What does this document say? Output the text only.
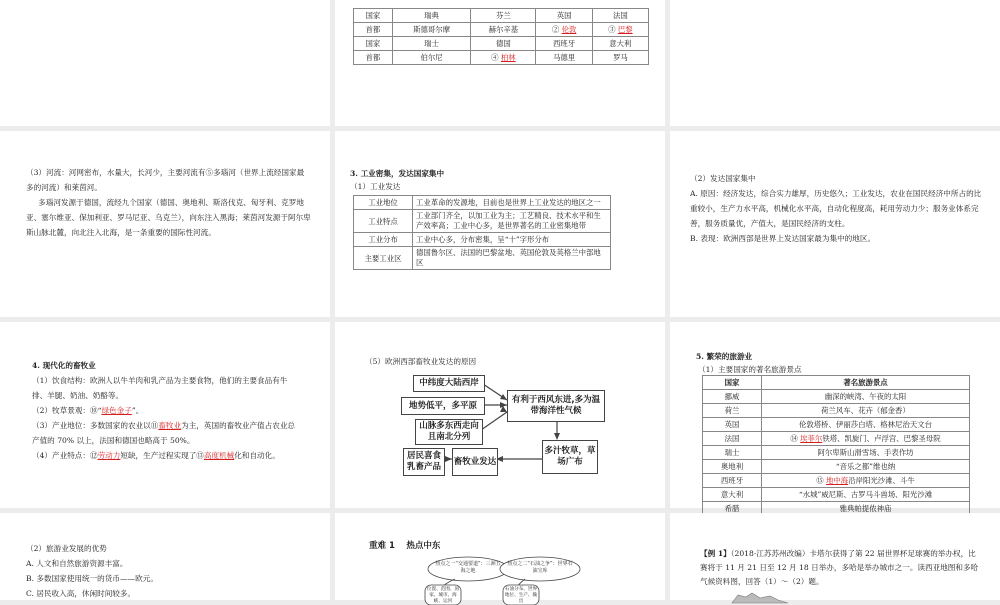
国家	瑞典	芬兰	英国	法国
首都	斯德哥尔摩	赫尔辛基	② 伦敦	③ 巴黎
国家	瑞士	德国	西班牙	意大利
首都	伯尔尼	④ 柏林	马德里	罗马
（3）河流：河网密布，水量大，长河少，主要河流有⑤多瑙河（世界上流经国家最多的河流）和莱茵河。
多瑙河发源于德国，流经九个国家（德国、奥地利、斯洛伐克、匈牙利、克罗地亚、塞尔维亚、保加利亚、罗马尼亚、乌克兰），向东注入黑海；莱茵河发源于阿尔卑斯山脉北麓，向北注入北海，是一条重要的国际性河流。
3. 工业密集，发达国家集中
（1）工业发达
工业地位	工业革命的发源地，目前也是世界上工业发达的地区之一
工业特点	工业部门齐全，以加工业为主；工艺精良、技术水平和生产效率高；工业中心多，是世界著名的工业密集地带
工业分布	工业中心多，分布密集，呈“十”字形分布
主要工业区	德国鲁尔区、法国的巴黎盆地、英国伦敦及英格兰中部地区
（2）发达国家集中
A. 原因：经济发达，综合实力雄厚，历史悠久；工业发达，农业在国民经济中所占的比重较小，生产力水平高，机械化水平高，自动化程度高，耗用劳动力少；服务业体系完善，服务质量优，产值大，是国民经济的支柱。
B. 表现：欧洲西部是世界上发达国家最为集中的地区。
4. 现代化的畜牧业
（1）饮食结构：欧洲人以牛羊肉和乳产品为主要食物，他们的主要食品有牛排、羊腿、奶油、奶酪等。
（2）牧草景观：⑩“绿色金子”。
（3）产业地位：多数国家的农业以⑪畜牧业为主，英国的畜牧业产值占农业总产值的 70% 以上，法国和德国也略高于 50%。
（4）产业特点：⑫劳动力短缺，生产过程实现了⑬高度机械化和自动化。
（5）欧洲西部畜牧业发达的原因
中纬度大陆西岸
地势低平，多平原
山脉多东西走向且南北分列
有利于西风东进,多为温带海洋性气候
居民喜食乳畜产品
畜牧业发达
多汁牧草，草场广布
5. 繁荣的旅游业
（1）主要国家的著名旅游景点
国家	著名旅游景点
挪威	幽深的峡湾、午夜的太阳
荷兰	荷兰风车、花卉（郁金香）
英国	伦敦塔桥、伊丽莎白塔、格林尼治天文台
法国	⑭ 埃菲尔铁塔、凯旋门、卢浮宫、巴黎圣母院
瑞士	阿尔卑斯山滑雪场、手表作坊
奥地利	“音乐之都”维也纳
西班牙	⑮ 地中海沿岸阳光沙滩、斗牛
意大利	“水城”威尼斯、古罗马斗兽场、阳光沙滩
希腊	雅典帕提侬神庙
（2）旅游业发展的优势
A. 人文和自然旅游资源丰富。
B. 多数国家使用统一的货币——欧元。
C. 居民收入高，休闲时间较多。
重难 1　 热点中东
热点之一“交通要道”：三洲五海之地
热点之二“石油之争”：世界石油宝库
位置、范围、国家、城市、海峡、运河
石油分布、世界地位、生产、输出
【例 1】（2018·江苏苏州改编）卡塔尔获得了第 22 届世界杯足球赛的举办权，比赛将于 11 月 21 日至 12 月 18 日举办，多哈是举办城市之一。读西亚地图和多哈气候资料图，回答（1）～（2）题。
